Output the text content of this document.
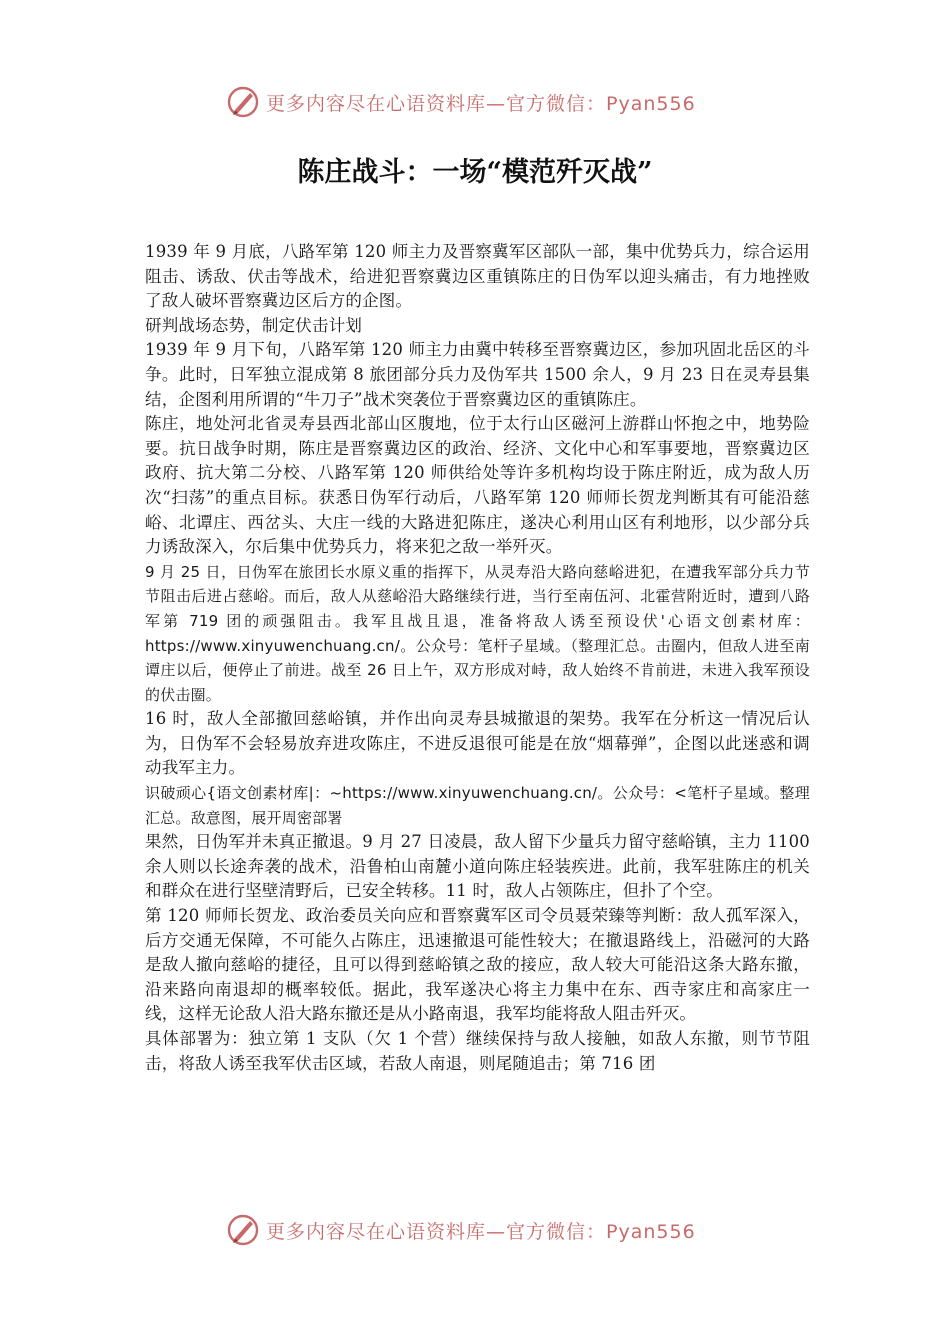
更多内容尽在心语资料库—官方微信：Pyan556
陈庄战斗：一场“模范歼灭战”

1939 年 9 月底，八路军第 120 师主力及晋察冀军区部队一部，集中优势兵力，综合运用阻击、诱敌、伏击等战术，给进犯晋察冀边区重镇陈庄的日伪军以迎头痛击，有力地挫败了敌人破坏晋察冀边区后方的企图。

研判战场态势，制定伏击计划

1939 年 9 月下旬，八路军第 120 师主力由冀中转移至晋察冀边区，参加巩固北岳区的斗争。此时，日军独立混成第 8 旅团部分兵力及伪军共 1500 余人，9 月 23 日在灵寿县集结，企图利用所谓的“牛刀子”战术突袭位于晋察冀边区的重镇陈庄。

陈庄，地处河北省灵寿县西北部山区腹地，位于太行山区磁河上游群山怀抱之中，地势险要。抗日战争时期，陈庄是晋察冀边区的政治、经济、文化中心和军事要地，晋察冀边区政府、抗大第二分校、八路军第 120 师供给处等许多机构均设于陈庄附近，成为敌人历次“扫荡”的重点目标。获悉日伪军行动后，八路军第 120 师师长贺龙判断其有可能沿慈峪、北谭庄、西岔头、大庄一线的大路进犯陈庄，遂决心利用山区有利地形，以少部分兵力诱敌深入，尔后集中优势兵力，将来犯之敌一举歼灭。

9 月 25 日，日伪军在旅团长水原义重的指挥下，从灵寿沿大路向慈峪进犯，在遭我军部分兵力节节阻击后进占慈峪。而后，敌人从慈峪沿大路继续行进，当行至南伍河、北霍营附近时，遭到八路军第 719 团的顽强阻击。我军且战且退，准备将敌人诱至预设伏'心语文创素材库：https://www.xinyuwenchuang.cn/。公众号：笔杆子星域。（整理汇总。击圈内，但敌人进至南谭庄以后，便停止了前进。战至 26 日上午，双方形成对峙，敌人始终不肯前进，未进入我军预设的伏击圈。

16 时，敌人全部撤回慈峪镇，并作出向灵寿县城撤退的架势。我军在分析这一情况后认为，日伪军不会轻易放弃进攻陈庄，不进反退很可能是在放“烟幕弹”，企图以此迷惑和调动我军主力。

识破顽心{语文创素材库|：~https://www.xinyuwenchuang.cn/。公众号：<笔杆子星域。整理汇总。敌意图，展开周密部署

果然，日伪军并未真正撤退。9 月 27 日凌晨，敌人留下少量兵力留守慈峪镇，主力 1100 余人则以长途奔袭的战术，沿鲁柏山南麓小道向陈庄轻装疾进。此前，我军驻陈庄的机关和群众在进行坚壁清野后，已安全转移。11 时，敌人占领陈庄，但扑了个空。

第 120 师师长贺龙、政治委员关向应和晋察冀军区司令员聂荣臻等判断：敌人孤军深入，后方交通无保障，不可能久占陈庄，迅速撤退可能性较大；在撤退路线上，沿磁河的大路是敌人撤向慈峪的捷径，且可以得到慈峪镇之敌的接应，敌人较大可能沿这条大路东撤，沿来路向南退却的概率较低。据此，我军遂决心将主力集中在东、西寺家庄和高家庄一线，这样无论敌人沿大路东撤还是从小路南退，我军均能将敌人阻击歼灭。

具体部署为：独立第 1 支队（欠 1 个营）继续保持与敌人接触，如敌人东撤，则节节阻击，将敌人诱至我军伏击区域，若敌人南退，则尾随追击；第 716 团

更多内容尽在心语资料库—官方微信：Pyan556
